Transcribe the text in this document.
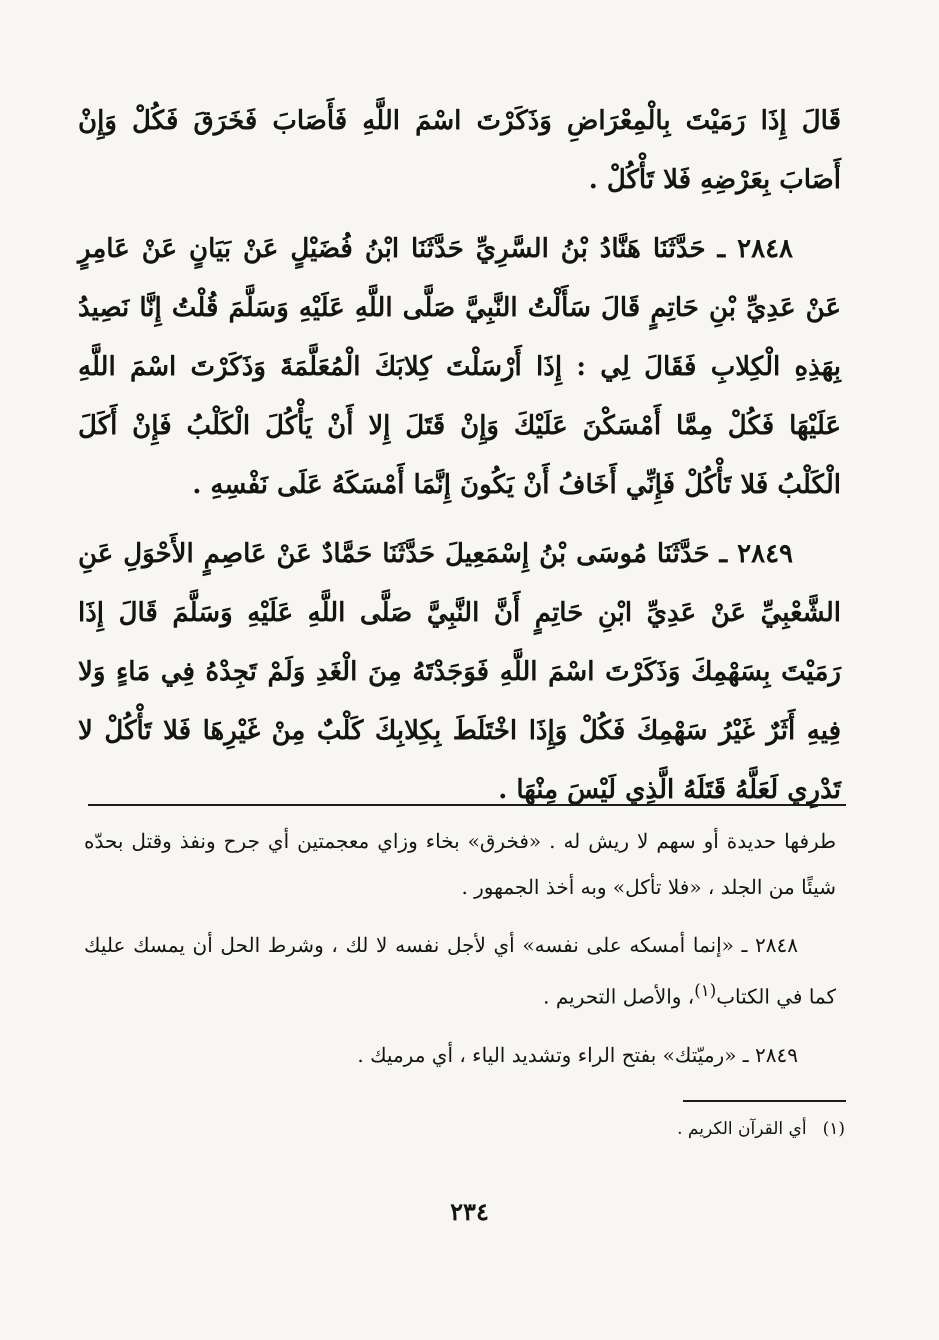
قَالَ إِذَا رَمَيْتَ بِالْمِعْرَاضِ وَذَكَرْتَ اسْمَ اللَّهِ فَأَصَابَ فَخَرَقَ فَكُلْ وَإِنْ أَصَابَ بِعَرْضِهِ فَلا تَأْكُلْ .

٢٨٤٨ ـ حَدَّثَنَا هَنَّادُ بْنُ السَّرِيِّ حَدَّثَنَا ابْنُ فُضَيْلٍ عَنْ بَيَانٍ عَنْ عَامِرٍ عَنْ عَدِيِّ بْنِ حَاتِمٍ قَالَ سَأَلْتُ النَّبِيَّ صَلَّى اللَّهِ عَلَيْهِ وَسَلَّمَ قُلْتُ إِنَّا نَصِيدُ بِهَذِهِ الْكِلابِ فَقَالَ لِي : إِذَا أَرْسَلْتَ كِلابَكَ الْمُعَلَّمَةَ وَذَكَرْتَ اسْمَ اللَّهِ عَلَيْهَا فَكُلْ مِمَّا أَمْسَكْنَ عَلَيْكَ وَإِنْ قَتَلَ إِلا أَنْ يَأْكُلَ الْكَلْبُ فَإِنْ أَكَلَ الْكَلْبُ فَلا تَأْكُلْ فَإِنِّي أَخَافُ أَنْ يَكُونَ إِنَّمَا أَمْسَكَهُ عَلَى نَفْسِهِ .

٢٨٤٩ ـ حَدَّثَنَا مُوسَى بْنُ إِسْمَعِيلَ حَدَّثَنَا حَمَّادٌ عَنْ عَاصِمٍ الأَحْوَلِ عَنِ الشَّعْبِيِّ عَنْ عَدِيِّ ابْنِ حَاتِمٍ أَنَّ النَّبِيَّ صَلَّى اللَّهِ عَلَيْهِ وَسَلَّمَ قَالَ إِذَا رَمَيْتَ بِسَهْمِكَ وَذَكَرْتَ اسْمَ اللَّهِ فَوَجَدْتَهُ مِنَ الْغَدِ وَلَمْ تَجِدْهُ فِي مَاءٍ وَلا فِيهِ أَثَرٌ غَيْرُ سَهْمِكَ فَكُلْ وَإِذَا اخْتَلَطَ بِكِلابِكَ كَلْبٌ مِنْ غَيْرِهَا فَلا تَأْكُلْ لا تَدْرِي لَعَلَّهُ قَتَلَهُ الَّذِي لَيْسَ مِنْهَا .

طرفها حديدة أو سهم لا ريش له . «فخرق» بخاء وزاي معجمتين أي جرح ونفذ وقتل بحدّه شيئًا من الجلد ، «فلا تأكل» وبه أخذ الجمهور .

٢٨٤٨ ـ «إنما أمسكه على نفسه» أي لأجل نفسه لا لك ، وشرط الحل أن يمسك عليك كما في الكتاب$^{(١)}$، والأصل التحريم .

٢٨٤٩ ـ «رميّتك» بفتح الراء وتشديد الياء ، أي مرميك .

(١)أي القرآن الكريم .
٢٣٤
